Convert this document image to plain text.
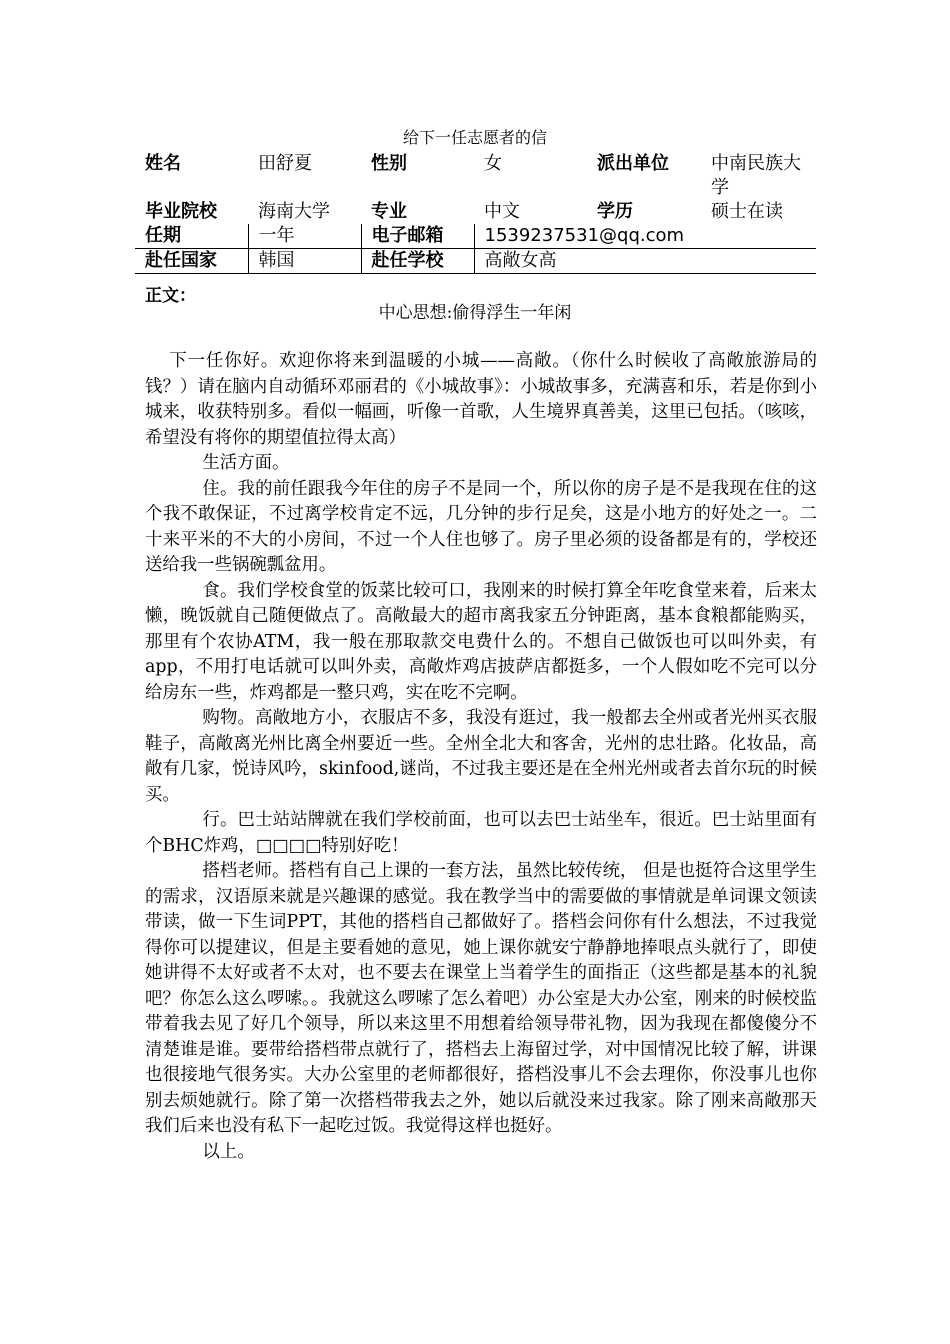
给下一任志愿者的信
姓名	田舒夏	性别	女	派出单位	中南民族大学
毕业院校	海南大学	专业	中文	学历	硕士在读
任期	一年	电子邮箱	1539237531@qq.com		
赴任国家	韩国	赴任学校	高敞女高		
正文：
中心思想:偷得浮生一年闲

下一任你好。欢迎你将来到温暖的小城——高敞。（你什么时候收了高敞旅游局的钱？）请在脑内自动循环邓丽君的《小城故事》：小城故事多，充满喜和乐，若是你到小城来，收获特别多。看似一幅画，听像一首歌，人生境界真善美，这里已包括。（咳咳，希望没有将你的期望值拉得太高）

生活方面。

住。我的前任跟我今年住的房子不是同一个，所以你的房子是不是我现在住的这个我不敢保证，不过离学校肯定不远，几分钟的步行足矣，这是小地方的好处之一。二十来平米的不大的小房间，不过一个人住也够了。房子里必须的设备都是有的，学校还送给我一些锅碗瓢盆用。

食。我们学校食堂的饭菜比较可口，我刚来的时候打算全年吃食堂来着，后来太懒，晚饭就自己随便做点了。高敞最大的超市离我家五分钟距离，基本食粮都能购买，那里有个农协ATM，我一般在那取款交电费什么的。不想自己做饭也可以叫外卖，有app，不用打电话就可以叫外卖，高敞炸鸡店披萨店都挺多，一个人假如吃不完可以分给房东一些，炸鸡都是一整只鸡，实在吃不完啊。

购物。高敞地方小，衣服店不多，我没有逛过，我一般都去全州或者光州买衣服鞋子，高敞离光州比离全州要近一些。全州全北大和客舍，光州的忠壮路。化妆品，高敞有几家，悦诗风吟，skinfood,谜尚，不过我主要还是在全州光州或者去首尔玩的时候买。

行。巴士站站牌就在我们学校前面，也可以去巴士站坐车，很近。巴士站里面有个BHC炸鸡，□□□□特别好吃！

搭档老师。搭档有自己上课的一套方法，虽然比较传统， 但是也挺符合这里学生的需求，汉语原来就是兴趣课的感觉。我在教学当中的需要做的事情就是单词课文领读带读，做一下生词PPT，其他的搭档自己都做好了。搭档会问你有什么想法，不过我觉得你可以提建议，但是主要看她的意见，她上课你就安宁静静地捧哏点头就行了，即使她讲得不太好或者不太对，也不要去在课堂上当着学生的面指正（这些都是基本的礼貌吧？你怎么这么啰嗦。。我就这么啰嗦了怎么着吧）办公室是大办公室，刚来的时候校监带着我去见了好几个领导，所以来这里不用想着给领导带礼物，因为我现在都傻傻分不清楚谁是谁。要带给搭档带点就行了，搭档去上海留过学，对中国情况比较了解，讲课也很接地气很务实。大办公室里的老师都很好，搭档没事儿不会去理你，你没事儿也你别去烦她就行。除了第一次搭档带我去之外，她以后就没来过我家。除了刚来高敞那天我们后来也没有私下一起吃过饭。我觉得这样也挺好。

以上。
